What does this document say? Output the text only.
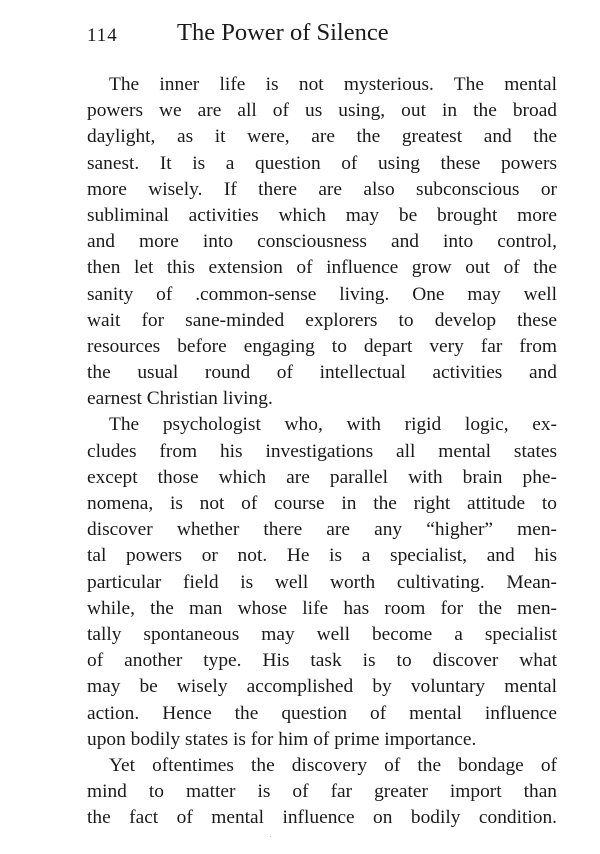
114 The Power of Silence
The inner life is not mysterious. The mental
powers we are all of us using, out in the broad
daylight, as it were, are the greatest and the
sanest. It is a question of using these powers
more wisely. If there are also subconscious or
subliminal activities which may be brought more
and more into consciousness and into control,
then let this extension of influence grow out of the
sanity of .common-sense living. One may well
wait for sane-minded explorers to develop these
resources before engaging to depart very far from
the usual round of intellectual activities and
earnest Christian living.
The psychologist who, with rigid logic, ex-
cludes from his investigations all mental states
except those which are parallel with brain phe-
nomena, is not of course in the right attitude to
discover whether there are any “higher” men-
tal powers or not. He is a specialist, and his
particular field is well worth cultivating. Mean-
while, the man whose life has room for the men-
tally spontaneous may well become a specialist
of another type. His task is to discover what
may be wisely accomplished by voluntary mental
action. Hence the question of mental influence
upon bodily states is for him of prime importance.
Yet oftentimes the discovery of the bondage of
mind to matter is of far greater import than
the fact of mental influence on bodily condition.
